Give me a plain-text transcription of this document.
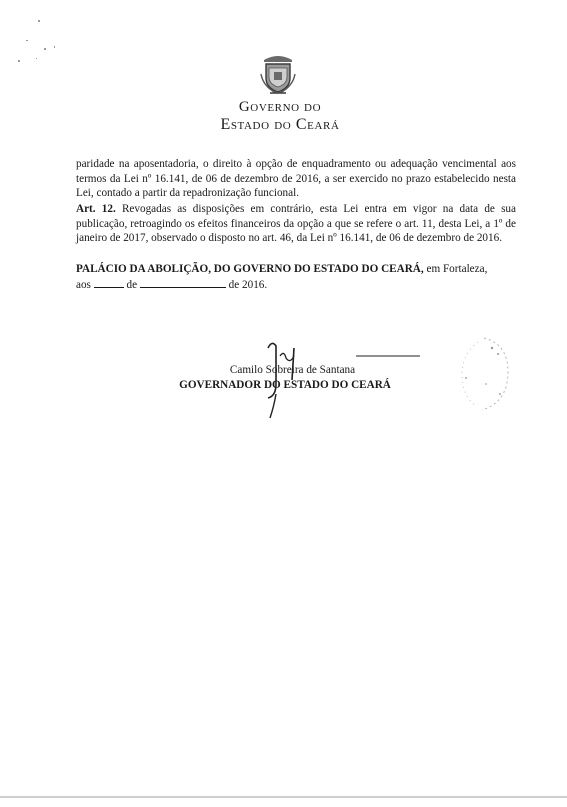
Governo do
Estado do Ceará

paridade na aposentadoria, o direito à opção de enquadramento ou adequação vencimental aos termos da Lei nº 16.141, de 06 de dezembro de 2016, a ser exercido no prazo estabelecido nesta Lei, contado a partir da repadronização funcional.

Art. 12. Revogadas as disposições em contrário, esta Lei entra em vigor na data de sua publicação, retroagindo os efeitos financeiros da opção a que se refere o art. 11, desta Lei, a 1º de janeiro de 2017, observado o disposto no art. 46, da Lei nº 16.141, de 06 de dezembro de 2016.

PALÁCIO DA ABOLIÇÃO, DO GOVERNO DO ESTADO DO CEARÁ, em Fortaleza,

aos	de	de 2016.
Camilo Sobreira de Santana
GOVERNADOR DO ESTADO DO CEARÁ
